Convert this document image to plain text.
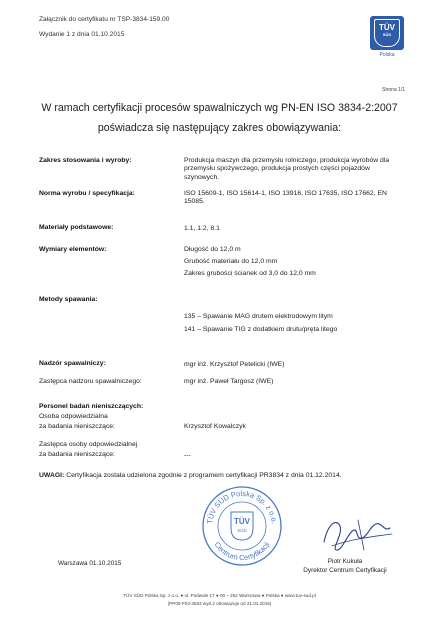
Załącznik do certyfikatu nr TSP-3834-159.00
Wydanie 1 z dnia 01.10.2015
TÜV
SÜD
Polska
Strona 1/1
W ramach certyfikacji procesów spawalniczych wg PN-EN ISO 3834-2:2007
poświadcza się następujący zakres obowiązywania:
Zakres stosowania i wyroby:	Produkcja maszyn dla przemysłu rolniczego, produkcja wyrobów dla przemysłu spożywczego, produkcja prostych części pojazdów szynowych.
Norma wyrobu / specyfikacja:	ISO 15609-1, ISO 15614-1, ISO 13916, ISO 17635, ISO 17662, EN 15085.
Materiały podstawowe:	1.1, 1.2, 8.1
Wymiary elementów:	Długość do 12,0 m
Grubość materiału do 12,0 mm
Zakres grubości ścianek od 3,0 do 12,0 mm
Metody spawania:
135 – Spawanie MAG drutem elektrodowym litym
141 – Spawanie TIG z dodatkiem drutu/pręta litego
Nadzór spawalniczy:	mgr inż. Krzysztof Petelicki (IWE)
Zastępca nadzoru spawalniczego:	mgr inż. Paweł Targosz (IWE)
Personel badań nieniszczących:
Osoba odpowiedzialna
za badania nieniszczące:	Krzysztof Kowalczyk
Zastępca osoby odpowiedzialnej
za badania nieniszczące:	---
UWAGI: Certyfikacja została udzielona zgodnie z programem certyfikacji PR3834 z dnia 01.12.2014.
TÜV SÜD Polska Sp. z o.o.
Centrum Certyfikacji
TÜV
SÜD
Warszawa 01.10.2015	Piotr Kukuła
Dyrektor Centrum Certyfikacji
TÜV SÜD Polska Sp. z o.o. ● ul. Podwale 17 ● 00 – 252 Warszawa ● Polska ● www.tuv-sud.pl
(PP05-F03-3834 wyd.2 obowiązuje od 21.01.2015)
